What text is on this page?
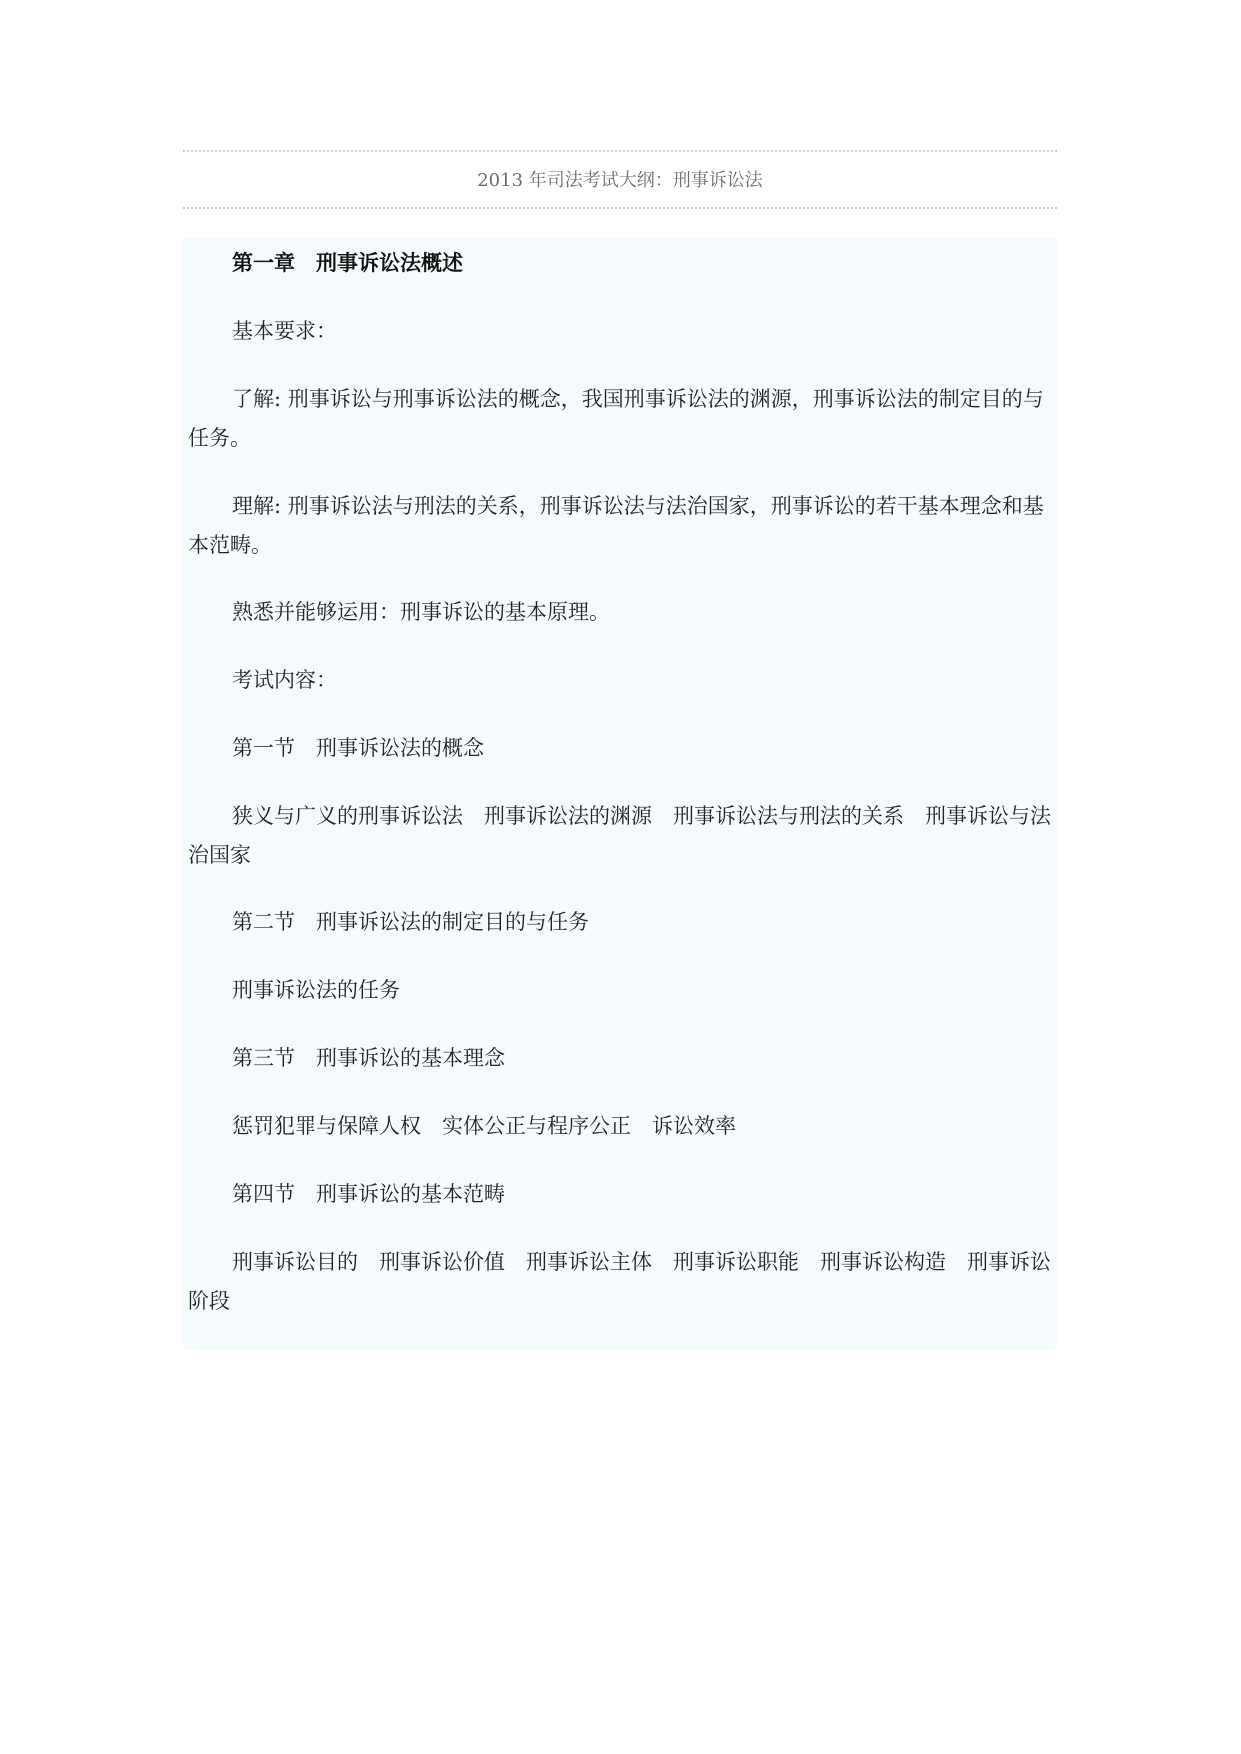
2013 年司法考试大纲：刑事诉讼法

第一章　刑事诉讼法概述

基本要求：

了解: 刑事诉讼与刑事诉讼法的概念，我国刑事诉讼法的渊源，刑事诉讼法的制定目的与任务。

理解: 刑事诉讼法与刑法的关系，刑事诉讼法与法治国家，刑事诉讼的若干基本理念和基本范畴。

熟悉并能够运用：刑事诉讼的基本原理。

考试内容：

第一节　刑事诉讼法的概念

狭义与广义的刑事诉讼法　刑事诉讼法的渊源　刑事诉讼法与刑法的关系　刑事诉讼与法治国家

第二节　刑事诉讼法的制定目的与任务

刑事诉讼法的任务

第三节　刑事诉讼的基本理念

惩罚犯罪与保障人权　实体公正与程序公正　诉讼效率

第四节　刑事诉讼的基本范畴

刑事诉讼目的　刑事诉讼价值　刑事诉讼主体　刑事诉讼职能　刑事诉讼构造　刑事诉讼阶段
